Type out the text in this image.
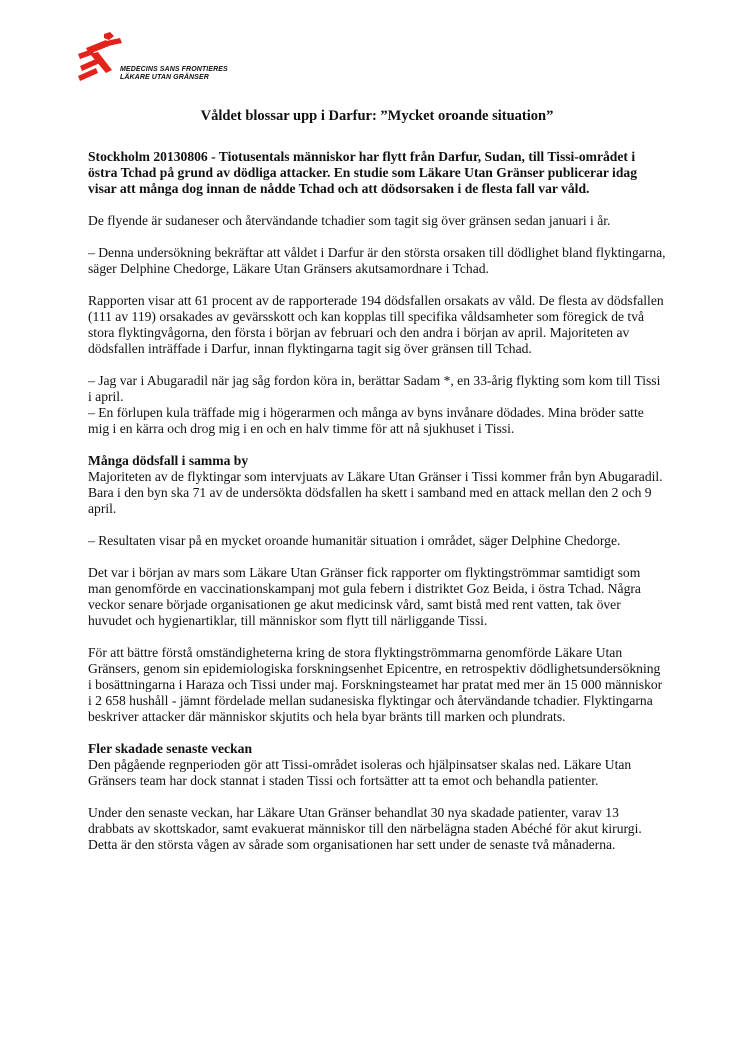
MEDECINS SANS FRONTIERES
LÄKARE UTAN GRÄNSER
Våldet blossar upp i Darfur: ”Mycket oroande situation”

Stockholm 20130806 - Tiotusentals människor har flytt från Darfur, Sudan, till Tissi-området i östra Tchad på grund av dödliga attacker. En studie som Läkare Utan Gränser publicerar idag visar att många dog innan de nådde Tchad och att dödsorsaken i de flesta fall var våld.

De flyende är sudaneser och återvändande tchadier som tagit sig över gränsen sedan januari i år.

– Denna undersökning bekräftar att våldet i Darfur är den största orsaken till dödlighet bland flyktingarna, säger Delphine Chedorge, Läkare Utan Gränsers akutsamordnare i Tchad.

Rapporten visar att 61 procent av de rapporterade 194 dödsfallen orsakats av våld. De flesta av dödsfallen (111 av 119) orsakades av gevärsskott och kan kopplas till specifika våldsamheter som föregick de två stora flyktingvågorna, den första i början av februari och den andra i början av april. Majoriteten av dödsfallen inträffade i Darfur, innan flyktingarna tagit sig över gränsen till Tchad.

– Jag var i Abugaradil när jag såg fordon köra in, berättar Sadam *, en 33-årig flykting som kom till Tissi i april.
– En förlupen kula träffade mig i högerarmen och många av byns invånare dödades. Mina bröder satte mig i en kärra och drog mig i en och en halv timme för att nå sjukhuset i Tissi.

Många dödsfall i samma by
Majoriteten av de flyktingar som intervjuats av Läkare Utan Gränser i Tissi kommer från byn Abugaradil. Bara i den byn ska 71 av de undersökta dödsfallen ha skett i samband med en attack mellan den 2 och 9 april.

– Resultaten visar på en mycket oroande humanitär situation i området, säger Delphine Chedorge.

Det var i början av mars som Läkare Utan Gränser fick rapporter om flyktingströmmar samtidigt som man genomförde en vaccinationskampanj mot gula febern i distriktet Goz Beida, i östra Tchad. Några veckor senare började organisationen ge akut medicinsk vård, samt bistå med rent vatten, tak över huvudet och hygienartiklar, till människor som flytt till närliggande Tissi.

För att bättre förstå omständigheterna kring de stora flyktingströmmarna genomförde Läkare Utan Gränsers, genom sin epidemiologiska forskningsenhet Epicentre, en retrospektiv dödlighetsundersökning i bosättningarna i Haraza och Tissi under maj. Forskningsteamet har pratat med mer än 15 000 människor i 2 658 hushåll - jämnt fördelade mellan sudanesiska flyktingar och återvändande tchadier. Flyktingarna beskriver attacker där människor skjutits och hela byar bränts till marken och plundrats.

Fler skadade senaste veckan
Den pågående regnperioden gör att Tissi-området isoleras och hjälpinsatser skalas ned. Läkare Utan Gränsers team har dock stannat i staden Tissi och fortsätter att ta emot och behandla patienter.

Under den senaste veckan, har Läkare Utan Gränser behandlat 30 nya skadade patienter, varav 13 drabbats av skottskador, samt evakuerat människor till den närbelägna staden Abéché för akut kirurgi. Detta är den största vågen av sårade som organisationen har sett under de senaste två månaderna.
